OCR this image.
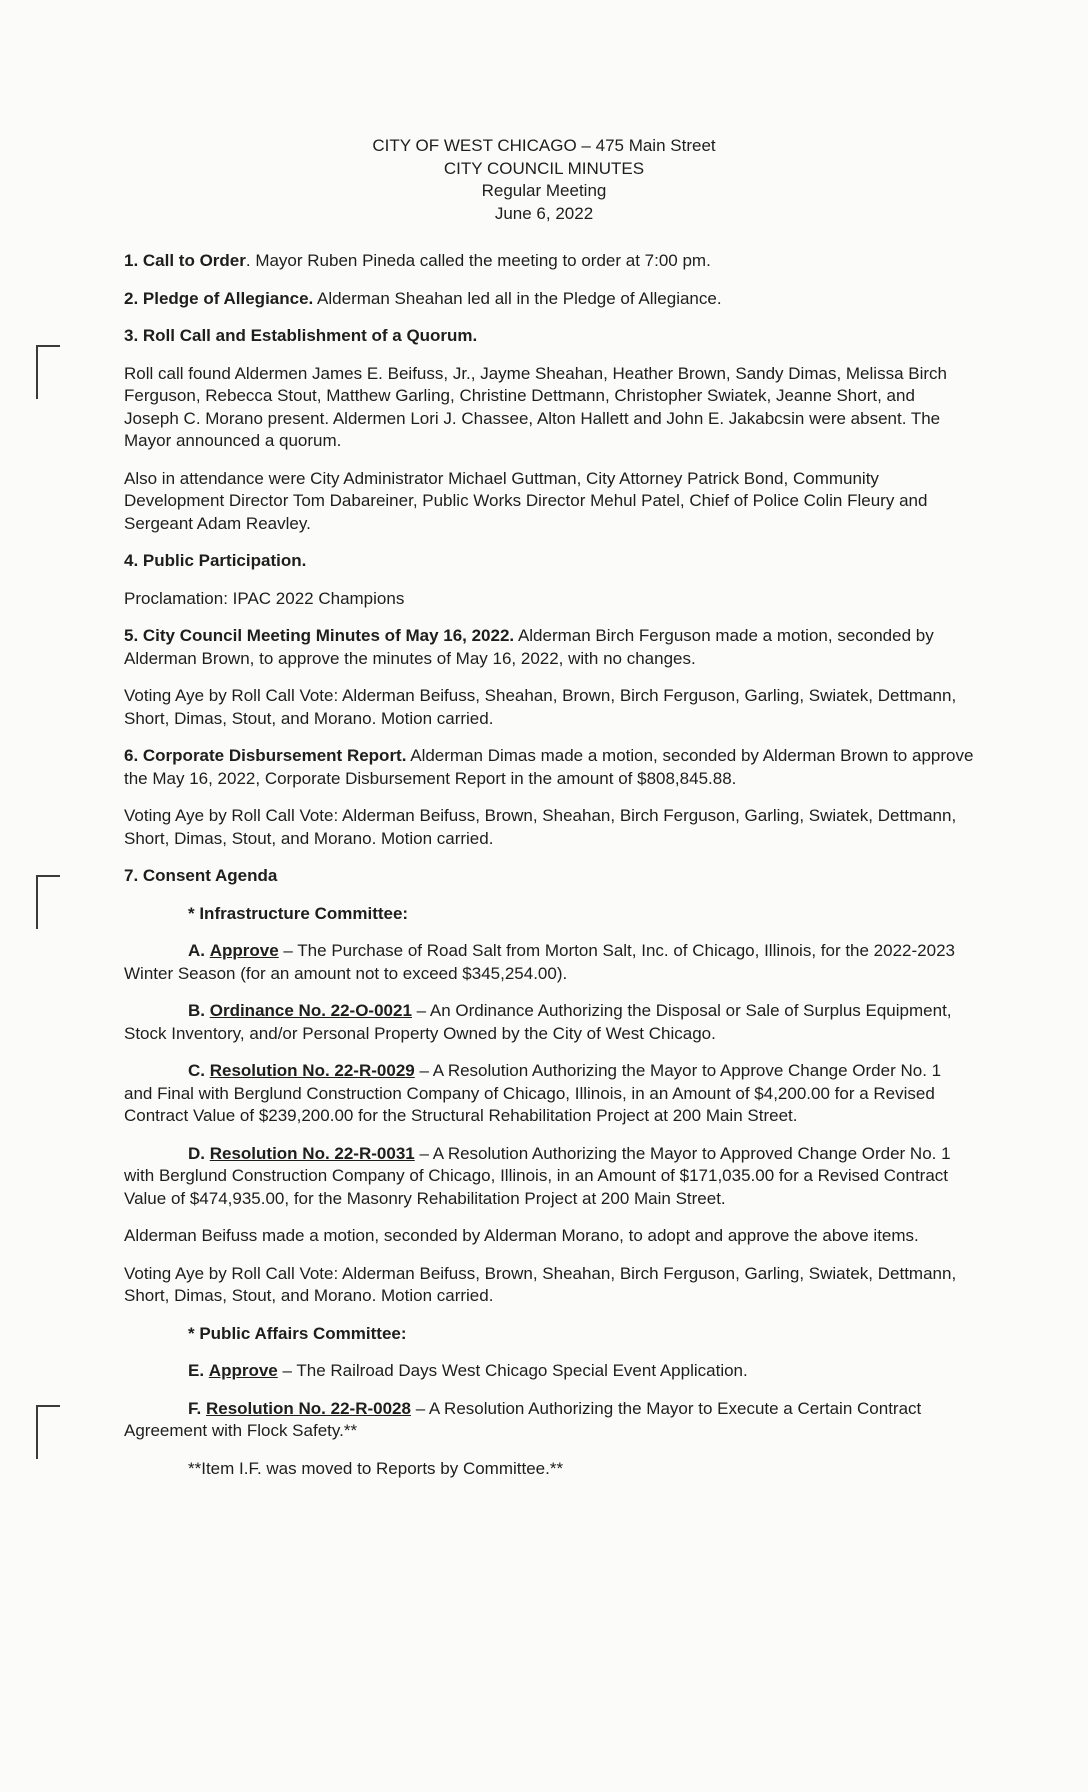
CITY OF WEST CHICAGO – 475 Main Street
CITY COUNCIL MINUTES
Regular Meeting
June 6, 2022

1. Call to Order. Mayor Ruben Pineda called the meeting to order at 7:00 pm.

2. Pledge of Allegiance. Alderman Sheahan led all in the Pledge of Allegiance.

3. Roll Call and Establishment of a Quorum.

Roll call found Aldermen James E. Beifuss, Jr., Jayme Sheahan, Heather Brown, Sandy Dimas, Melissa Birch Ferguson, Rebecca Stout, Matthew Garling, Christine Dettmann, Christopher Swiatek, Jeanne Short, and Joseph C. Morano present. Aldermen Lori J. Chassee, Alton Hallett and John E. Jakabcsin were absent. The Mayor announced a quorum.

Also in attendance were City Administrator Michael Guttman, City Attorney Patrick Bond, Community Development Director Tom Dabareiner, Public Works Director Mehul Patel, Chief of Police Colin Fleury and Sergeant Adam Reavley.

4. Public Participation.

Proclamation: IPAC 2022 Champions

5. City Council Meeting Minutes of May 16, 2022. Alderman Birch Ferguson made a motion, seconded by Alderman Brown, to approve the minutes of May 16, 2022, with no changes.

Voting Aye by Roll Call Vote: Alderman Beifuss, Sheahan, Brown, Birch Ferguson, Garling, Swiatek, Dettmann, Short, Dimas, Stout, and Morano. Motion carried.

6. Corporate Disbursement Report. Alderman Dimas made a motion, seconded by Alderman Brown to approve the May 16, 2022, Corporate Disbursement Report in the amount of $808,845.88.

Voting Aye by Roll Call Vote: Alderman Beifuss, Brown, Sheahan, Birch Ferguson, Garling, Swiatek, Dettmann, Short, Dimas, Stout, and Morano. Motion carried.

7. Consent Agenda

* Infrastructure Committee:

A. Approve – The Purchase of Road Salt from Morton Salt, Inc. of Chicago, Illinois, for the 2022-2023 Winter Season (for an amount not to exceed $345,254.00).

B. Ordinance No. 22-O-0021 – An Ordinance Authorizing the Disposal or Sale of Surplus Equipment, Stock Inventory, and/or Personal Property Owned by the City of West Chicago.

C. Resolution No. 22-R-0029 – A Resolution Authorizing the Mayor to Approve Change Order No. 1 and Final with Berglund Construction Company of Chicago, Illinois, in an Amount of $4,200.00 for a Revised Contract Value of $239,200.00 for the Structural Rehabilitation Project at 200 Main Street.

D. Resolution No. 22-R-0031 – A Resolution Authorizing the Mayor to Approved Change Order No. 1 with Berglund Construction Company of Chicago, Illinois, in an Amount of $171,035.00 for a Revised Contract Value of $474,935.00, for the Masonry Rehabilitation Project at 200 Main Street.

Alderman Beifuss made a motion, seconded by Alderman Morano, to adopt and approve the above items.

Voting Aye by Roll Call Vote: Alderman Beifuss, Brown, Sheahan, Birch Ferguson, Garling, Swiatek, Dettmann, Short, Dimas, Stout, and Morano. Motion carried.

* Public Affairs Committee:

E. Approve – The Railroad Days West Chicago Special Event Application.

F. Resolution No. 22-R-0028 – A Resolution Authorizing the Mayor to Execute a Certain Contract Agreement with Flock Safety.**

**Item I.F. was moved to Reports by Committee.**
